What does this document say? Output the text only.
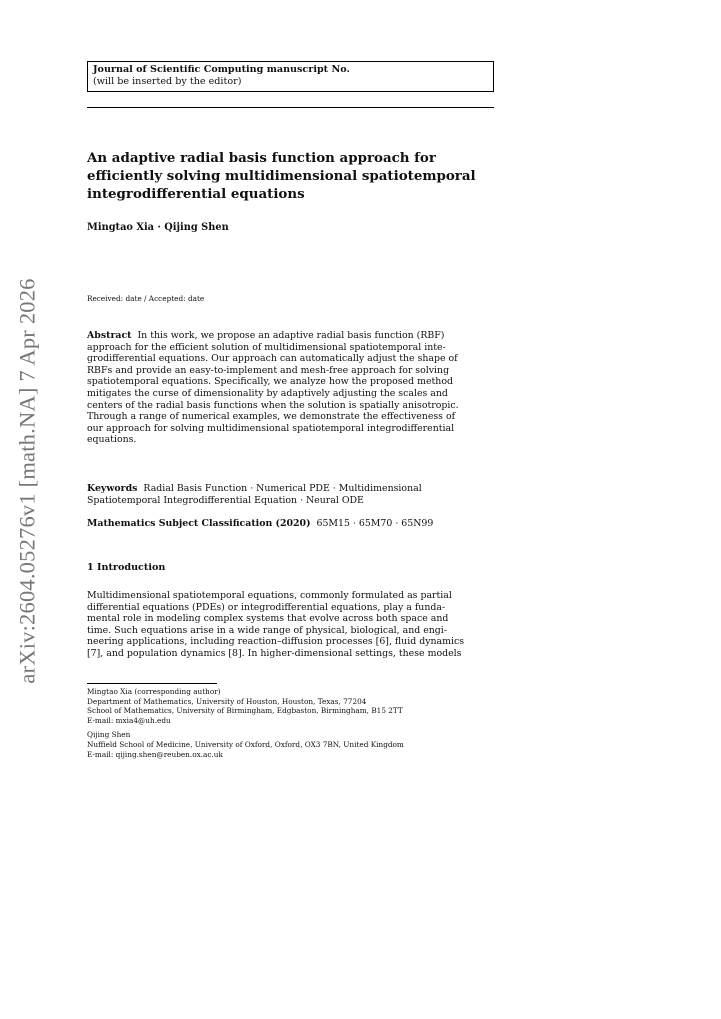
arXiv:2604.05276v1 [math.NA] 7 Apr 2026
Journal of Scientific Computing manuscript No.
(will be inserted by the editor)
An adaptive radial basis function approach for
efficiently solving multidimensional spatiotemporal
integrodifferential equations
Mingtao Xia · Qijing Shen
Received: date / Accepted: date
Abstract In this work, we propose an adaptive radial basis function (RBF)
approach for the efficient solution of multidimensional spatiotemporal inte-
grodifferential equations. Our approach can automatically adjust the shape of
RBFs and provide an easy-to-implement and mesh-free approach for solving
spatiotemporal equations. Specifically, we analyze how the proposed method
mitigates the curse of dimensionality by adaptively adjusting the scales and
centers of the radial basis functions when the solution is spatially anisotropic.
Through a range of numerical examples, we demonstrate the effectiveness of
our approach for solving multidimensional spatiotemporal integrodifferential
equations.
Keywords Radial Basis Function · Numerical PDE · Multidimensional
Spatiotemporal Integrodifferential Equation · Neural ODE
Mathematics Subject Classification (2020) 65M15 · 65M70 · 65N99
1 Introduction
Multidimensional spatiotemporal equations, commonly formulated as partial
differential equations (PDEs) or integrodifferential equations, play a funda-
mental role in modeling complex systems that evolve across both space and
time. Such equations arise in a wide range of physical, biological, and engi-
neering applications, including reaction–diffusion processes [6], fluid dynamics
[7], and population dynamics [8]. In higher-dimensional settings, these models
Mingtao Xia (corresponding author)
Department of Mathematics, University of Houston, Houston, Texas, 77204
School of Mathematics, University of Birmingham, Edgbaston, Birmingham, B15 2TT
E-mail: mxia4@uh.edu
Qijing Shen
Nuffield School of Medicine, University of Oxford, Oxford, OX3 7BN, United Kingdom
E-mail: qijing.shen@reuben.ox.ac.uk
